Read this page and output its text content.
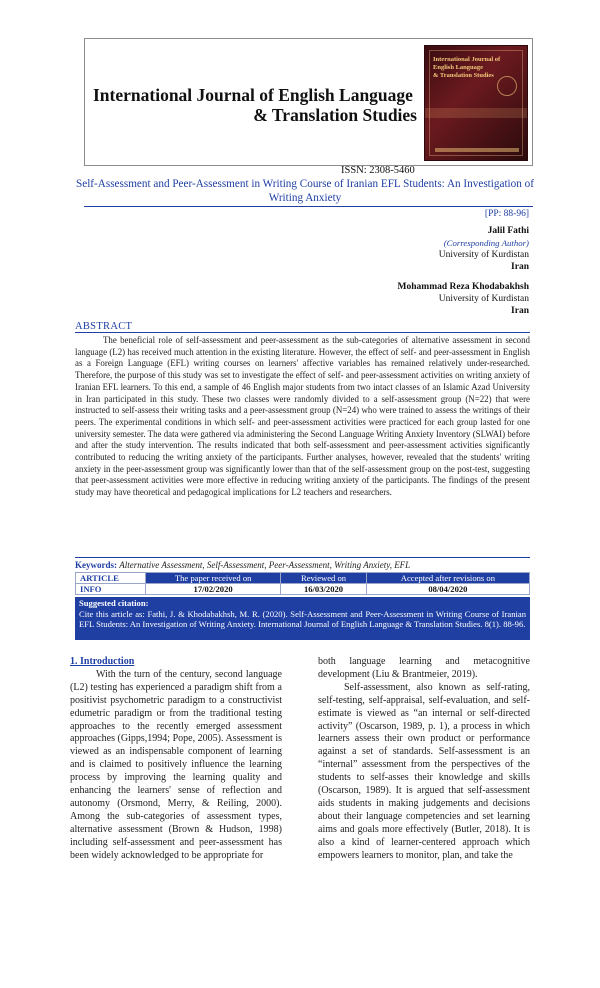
International Journal of English Language
& Translation Studies
ISSN: 2308-5460
International Journal of
English Language
& Translation Studies
Self-Assessment and Peer-Assessment in Writing Course of Iranian EFL Students: An Investigation of Writing Anxiety
[PP: 88-96]
Jalil Fathi
(Corresponding Author)
University of Kurdistan
Iran
Mohammad Reza Khodabakhsh
University of Kurdistan
Iran
ABSTRACT
The beneficial role of self-assessment and peer-assessment as the sub-categories of alternative assessment in second language (L2) has received much attention in the existing literature. However, the effect of self- and peer-assessment in English as a Foreign Language (EFL) writing courses on learners' affective variables has remained relatively under-researched. Therefore, the purpose of this study was set to investigate the effect of self- and peer-assessment activities on writing anxiety of Iranian EFL learners. To this end, a sample of 46 English major students from two intact classes of an Islamic Azad University in Iran participated in this study. These two classes were randomly divided to a self-assessment group (N=22) that were instructed to self-assess their writing tasks and a peer-assessment group (N=24) who were trained to assess the writings of their peers. The experimental conditions in which self- and peer-assessment activities were practiced for each group lasted for one university semester. The data were gathered via administering the Second Language Writing Anxiety Inventory (SLWAI) before and after the study intervention. The results indicated that both self-assessment and peer-assessment activities significantly contributed to reducing the writing anxiety of the participants. Further analyses, however, revealed that the students' writing anxiety in the peer-assessment group was significantly lower than that of the self-assessment group on the post-test, suggesting that peer-assessment activities were more effective in reducing writing anxiety of the participants. The findings of the present study may have theoretical and pedagogical implications for L2 teachers and researchers.
Keywords: Alternative Assessment, Self-Assessment, Peer-Assessment, Writing Anxiety, EFL
ARTICLE	The paper received on	Reviewed on	Accepted after revisions on
INFO	17/02/2020	16/03/2020	08/04/2020
Suggested citation:
Cite this article as: Fathi, J. & Khodabakhsh, M. R. (2020). Self-Assessment and Peer-Assessment in Writing Course of Iranian EFL Students: An Investigation of Writing Anxiety. International Journal of English Language & Translation Studies. 8(1). 88-96.
1. Introduction

With the turn of the century, second language (L2) testing has experienced a paradigm shift from a positivist psychometric paradigm to a constructivist edumetric paradigm or from the traditional testing approaches to the recently emerged assessment approaches (Gipps,1994; Pope, 2005). Assessment is viewed as an indispensable component of learning and is claimed to positively influence the learning process by improving the learning quality and enhancing the learners' sense of reflection and autonomy (Orsmond, Merry, & Reiling, 2000). Among the sub-categories of assessment types, alternative assessment (Brown & Hudson, 1998) including self-assessment and peer-assessment has been widely acknowledged to be appropriate for

both language learning and metacognitive development (Liu & Brantmeier, 2019).

Self-assessment, also known as self-rating, self-testing, self-appraisal, self-evaluation, and self-estimate is viewed as “an internal or self-directed activity” (Oscarson, 1989, p. 1), a process in which learners assess their own product or performance against a set of standards. Self-assessment is an “internal” assessment from the perspectives of the students to self-asses their knowledge and skills (Oscarson, 1989). It is argued that self-assessment aids students in making judgements and decisions about their language competencies and set learning aims and goals more effectively (Butler, 2018). It is also a kind of learner-centered approach which empowers learners to monitor, plan, and take the
